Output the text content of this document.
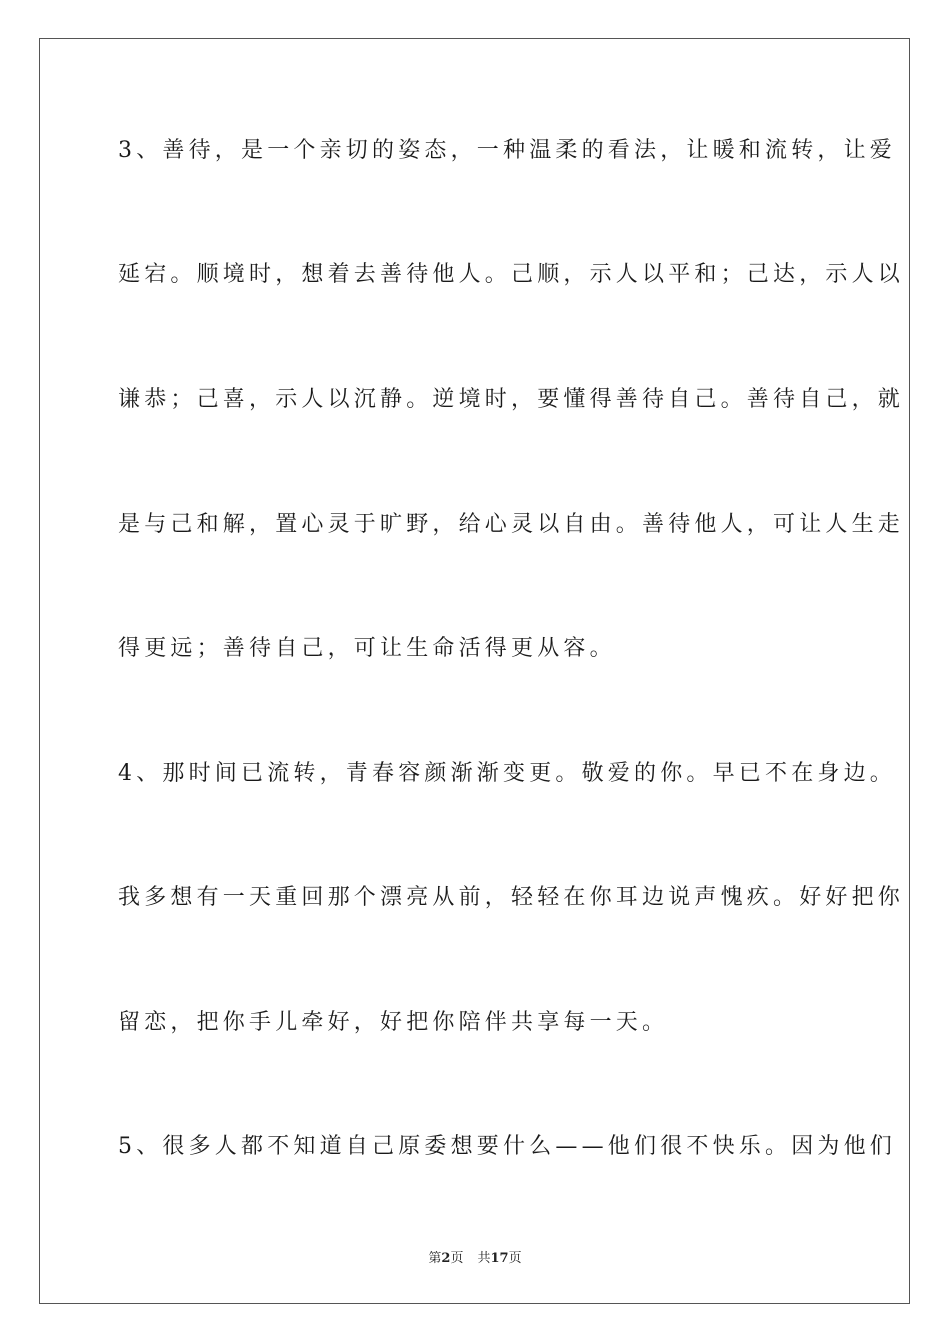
3、善待，是一个亲切的姿态，一种温柔的看法，让暖和流转，让爱
延宕。顺境时，想着去善待他人。己顺，示人以平和；己达，示人以
谦恭；己喜，示人以沉静。逆境时，要懂得善待自己。善待自己，就
是与己和解，置心灵于旷野，给心灵以自由。善待他人，可让人生走
得更远；善待自己，可让生命活得更从容。
4、那时间已流转，青春容颜渐渐变更。敬爱的你。早已不在身边。
我多想有一天重回那个漂亮从前，轻轻在你耳边说声愧疚。好好把你
留恋，把你手儿牵好，好把你陪伴共享每一天。
5、很多人都不知道自己原委想要什么——他们很不快乐。因为他们
第2页 共17页
